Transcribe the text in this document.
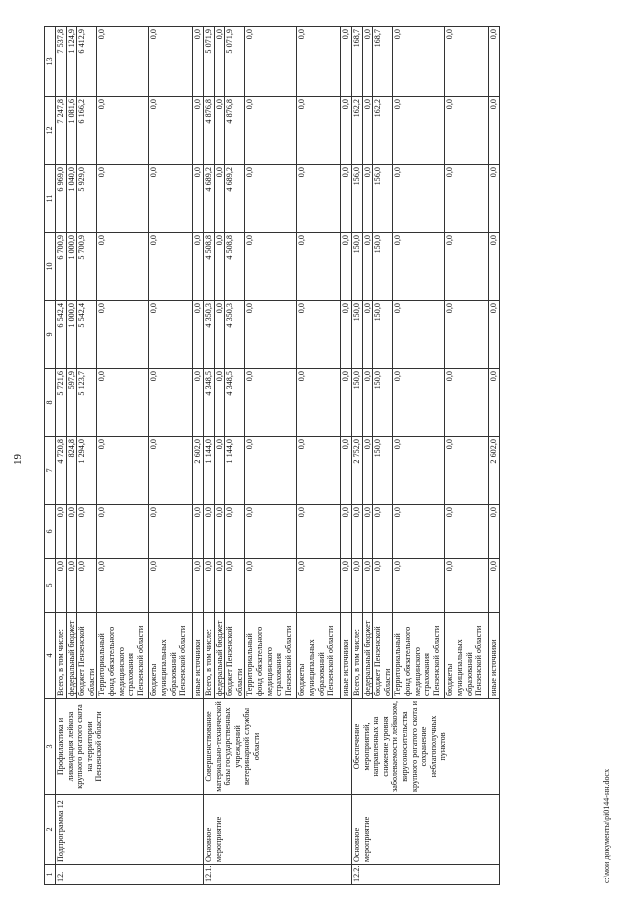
19
1	2	3	4	5	6	7	8	9	10	11	12	13
12.	Подпрограмма 12	Профилактика и ликвидация лейкоза крупного рогатого скота на территории Пензенской области	Всего, в том числе:	0,0	0,0	4 720,8	5 721,6	6 542,4	6 700,9	6 969,0	7 247,8	7 537,8
			федеральный бюджет	0,0	0,0	824,8	597,9	1 000,0	1 000,0	1 040,0	1 081,6	1 124,9
			бюджет Пензенской области	0,0	0,0	1 294,0	5 123,7	5 542,4	5 700,9	5 929,0	6 166,2	6 412,9
			Территориальный фонд обязательного медицинского страхования Пензенской области	0,0	0,0	0,0	0,0	0,0	0,0	0,0	0,0	0,0
			бюджеты муниципальных образований Пензенской области	0,0	0,0	0,0	0,0	0,0	0,0	0,0	0,0	0,0
			иные источники	0,0	0,0	2 602,0	0,0	0,0	0,0	0,0	0,0	0,0
12.1.	Основное мероприятие	Совершенствование материально-технической базы государственных учреждений ветеринарной службы области	Всего, в том числе:	0,0	0,0	1 144,0	4 348,5	4 350,3	4 508,8	4 689,2	4 876,8	5 071,9
			федеральный бюджет	0,0	0,0	0,0	0,0	0,0	0,0	0,0	0,0	0,0
			бюджет Пензенской области	0,0	0,0	1 144,0	4 348,5	4 350,3	4 508,8	4 689,2	4 876,8	5 071,9
			Территориальный фонд обязательного медицинского страхования Пензенской области	0,0	0,0	0,0	0,0	0,0	0,0	0,0	0,0	0,0
			бюджеты муниципальных образований Пензенской области	0,0	0,0	0,0	0,0	0,0	0,0	0,0	0,0	0,0
			иные источники	0,0	0,0	0,0	0,0	0,0	0,0	0,0	0,0	0,0
12.2.	Основное мероприятие	Обеспечение мероприятий, направленных на снижение уровня заболеваемости лейкозом, вирусоносительства крупного рогатого скота и сохранение неблагополучных пунктов	Всего, в том числе:	0,0	0,0	2 752,0	150,0	150,0	150,0	156,0	162,2	168,7
			федеральный бюджет	0,0	0,0	0,0	0,0	0,0	0,0	0,0	0,0	0,0
			бюджет Пензенской области	0,0	0,0	150,0	150,0	150,0	150,0	156,0	162,2	168,7
			Территориальный фонд обязательного медицинского страхования Пензенской области	0,0	0,0	0,0	0,0	0,0	0,0	0,0	0,0	0,0
			бюджеты муниципальных образований Пензенской области	0,0	0,0	0,0	0,0	0,0	0,0	0,0	0,0	0,0
			иные источники	0,0	0,0	2 602,0	0,0	0,0	0,0	0,0	0,0	0,0
c:\мои документы\pi0144-нн.docx
